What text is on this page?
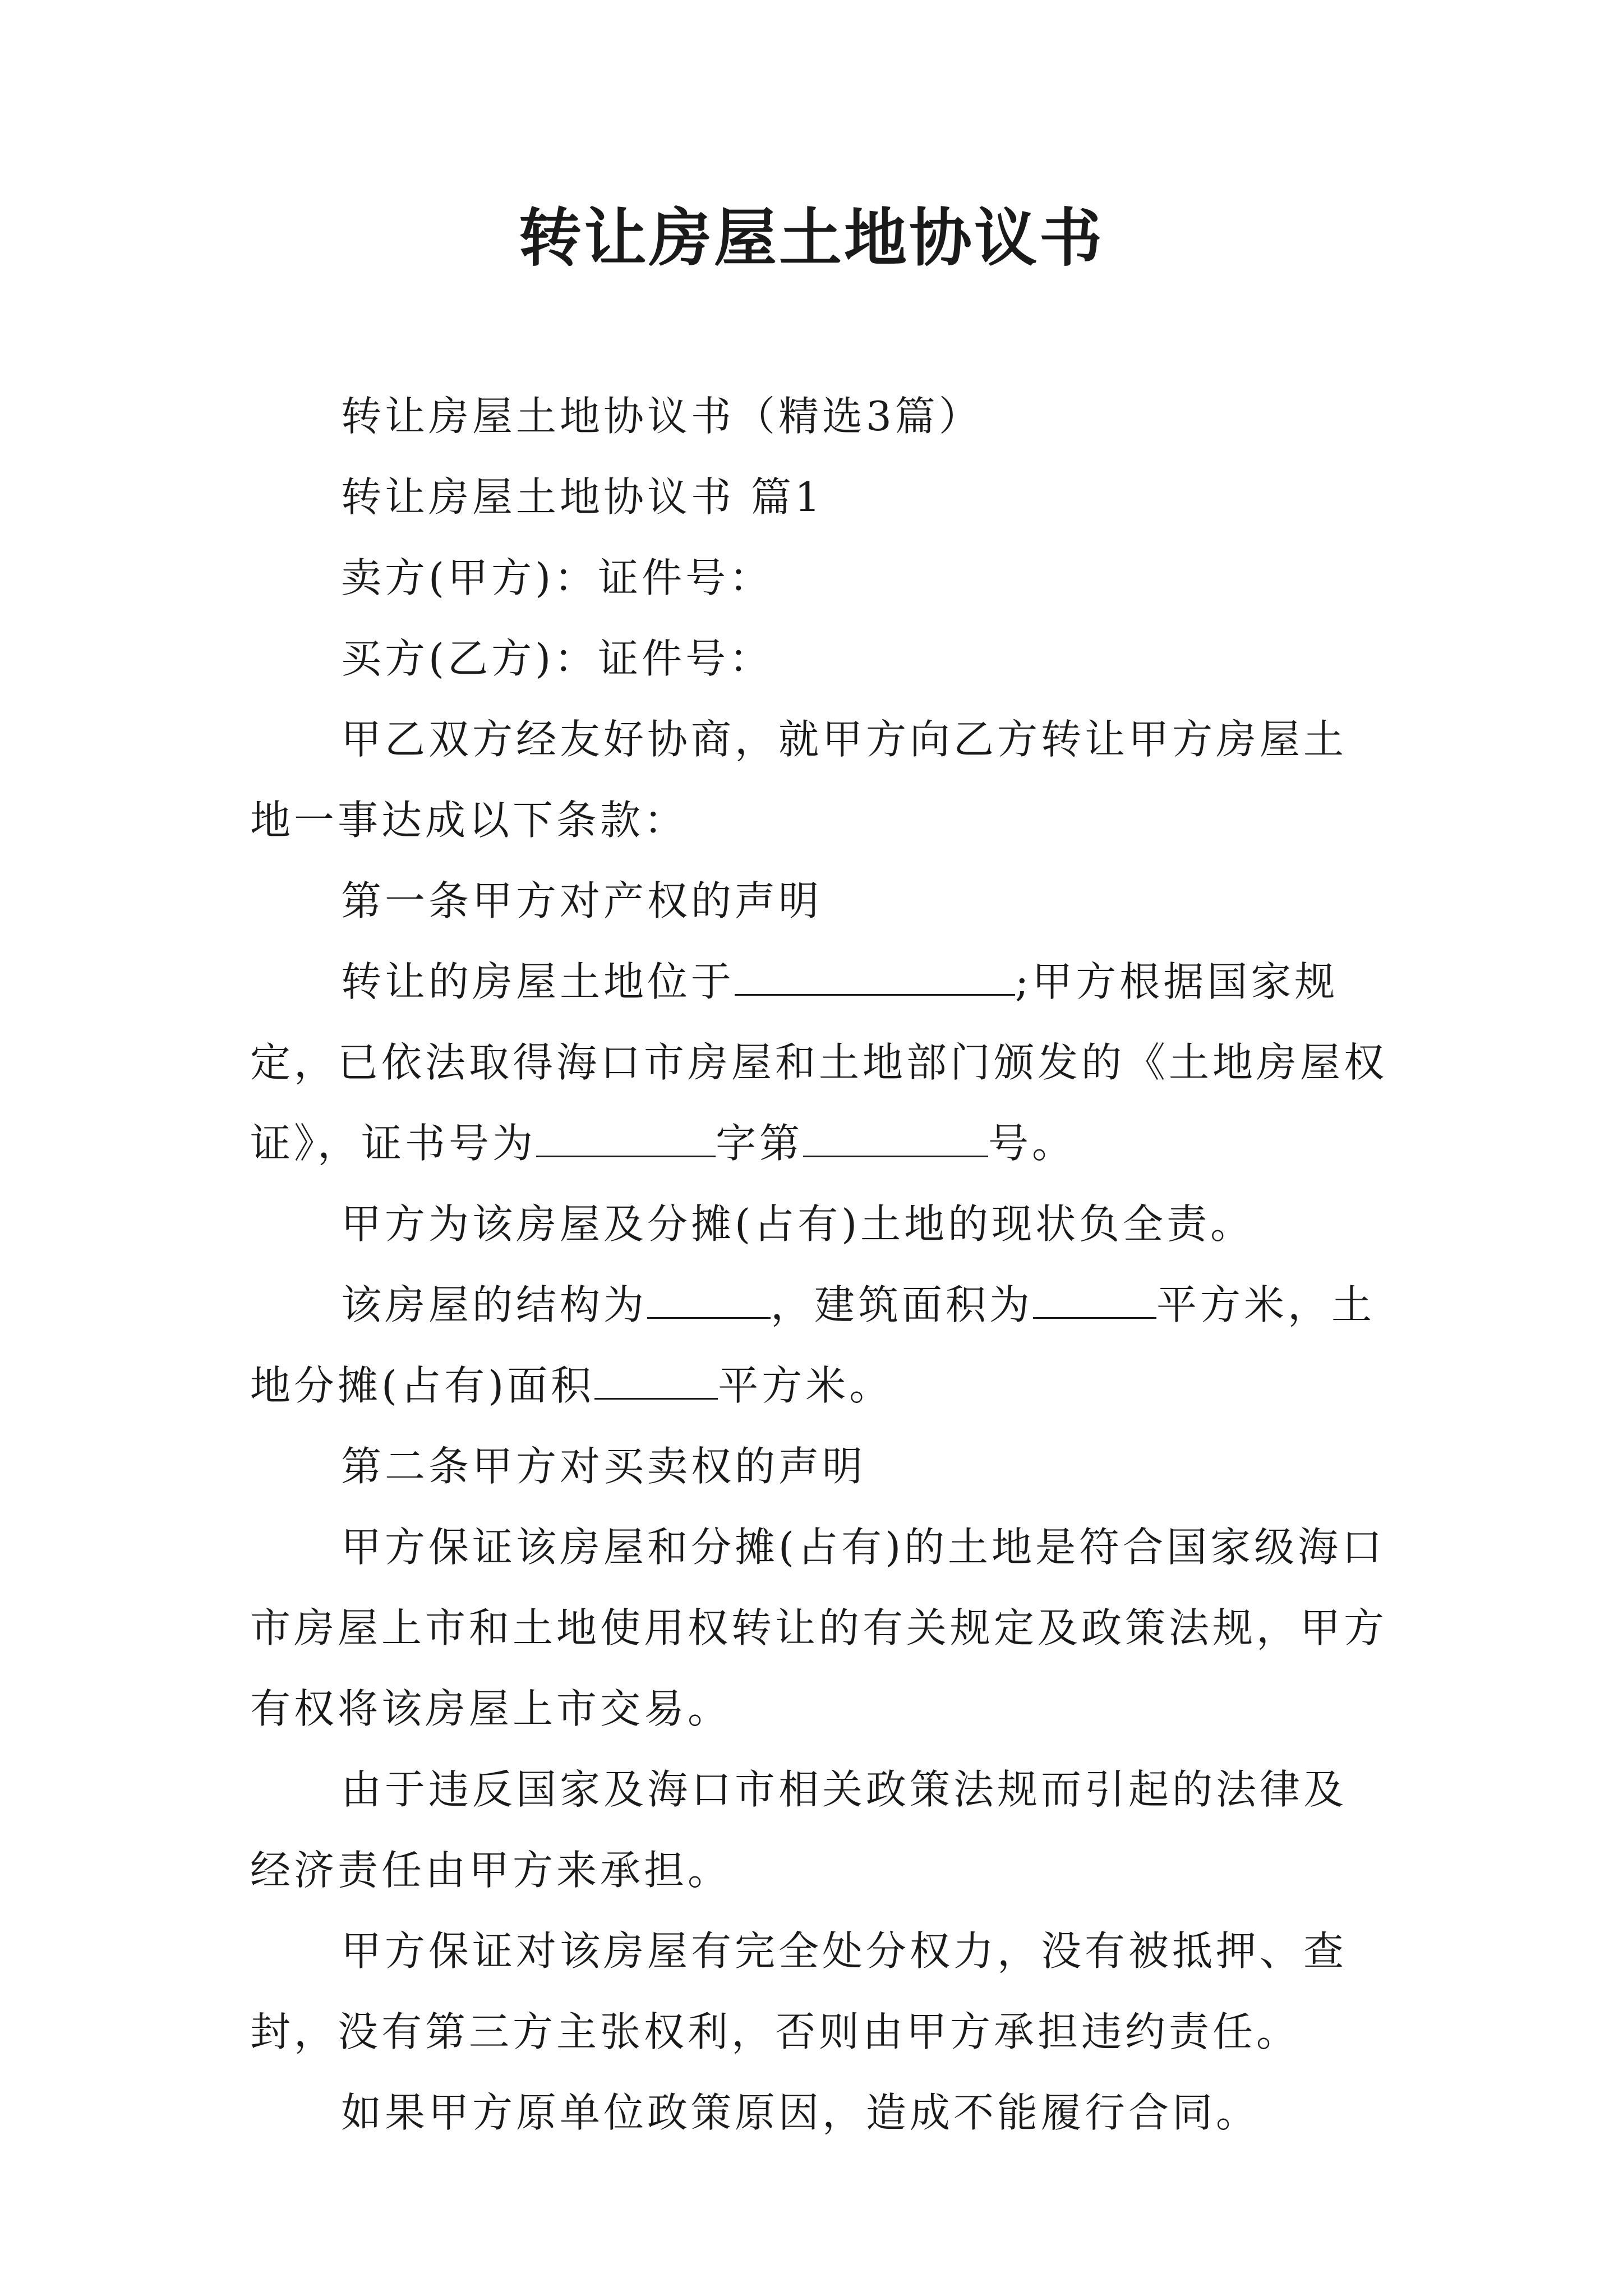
转让房屋土地协议书

转让房屋土地协议书（精选3篇）

转让房屋土地协议书 篇1

卖方(甲方)：证件号：

买方(乙方)：证件号：

甲乙双方经友好协商，就甲方向乙方转让甲方房屋土地一事达成以下条款：

第一条甲方对产权的声明

转让的房屋土地位于	;甲方根据国家规定，已依法取得海口市房屋和土地部门颁发的《土地房屋权证》，证书号为	字第	号。

甲方为该房屋及分摊(占有)土地的现状负全责。

该房屋的结构为	，建筑面积为	平方米，土地分摊(占有)面积	平方米。

第二条甲方对买卖权的声明

甲方保证该房屋和分摊(占有)的土地是符合国家级海口市房屋上市和土地使用权转让的有关规定及政策法规，甲方有权将该房屋上市交易。

由于违反国家及海口市相关政策法规而引起的法律及经济责任由甲方来承担。

甲方保证对该房屋有完全处分权力，没有被抵押、查封，没有第三方主张权利，否则由甲方承担违约责任。

如果甲方原单位政策原因，造成不能履行合同。
